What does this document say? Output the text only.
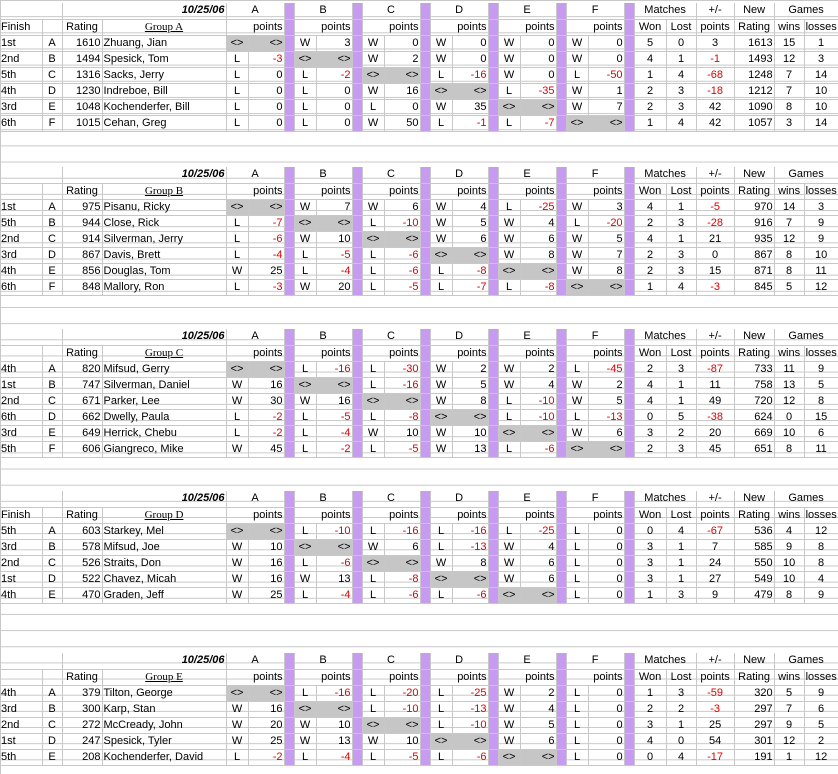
		10/25/06		A			B			C			D			E			F			Matches		+/-	New	Games	
Finish		Rating	Group A	points			points			points			points			points			points			Won	Lost	points	Rating	wins	losses
1st	A	1610	Zhuang, Jian	<>	<>		W	3		W	0		W	0		W	0		W	0		5	0	3	1613	15	1
2nd	B	1494	Spesick, Tom	L	-3		<>	<>		W	2		W	0		W	0		W	0		4	1	-1	1493	12	3
5th	C	1316	Sacks, Jerry	L	0		L	-2		<>	<>		L	-16		W	0		L	-50		1	4	-68	1248	7	14
4th	D	1230	Indreboe, Bill	L	0		L	0		W	16		<>	<>		L	-35		W	1		2	3	-18	1212	7	10
3rd	E	1048	Kochenderfer, Bill	L	0		L	0		L	0		W	35		<>	<>		W	7		2	3	42	1090	8	10
6th	F	1015	Cehan, Greg	L	0		L	0		W	50		L	-1		L	-7		<>	<>		1	4	42	1057	3	14
		10/25/06		A			B			C			D			E			F			Matches		+/-	New	Games	
		Rating	Group B	points			points			points			points			points			points			Won	Lost	points	Rating	wins	losses
1st	A	975	Pisanu, Ricky	<>	<>		W	7		W	6		W	4		L	-25		W	3		4	1	-5	970	14	3
5th	B	944	Close, Rick	L	-7		<>	<>		L	-10		W	5		W	4		L	-20		2	3	-28	916	7	9
2nd	C	914	Silverman, Jerry	L	-6		W	10		<>	<>		W	6		W	6		W	5		4	1	21	935	12	9
3rd	D	867	Davis, Brett	L	-4		L	-5		L	-6		<>	<>		W	8		W	7		2	3	0	867	8	10
4th	E	856	Douglas, Tom	W	25		L	-4		L	-6		L	-8		<>	<>		W	8		2	3	15	871	8	11
6th	F	848	Mallory, Ron	L	-3		W	20		L	-5		L	-7		L	-8		<>	<>		1	4	-3	845	5	12
		10/25/06		A			B			C			D			E			F			Matches		+/-	New	Games	
		Rating	Group C	points			points			points			points			points			points			Won	Lost	points	Rating	wins	losses
4th	A	820	Mifsud, Gerry	<>	<>		L	-16		L	-30		W	2		W	2		L	-45		2	3	-87	733	11	9
1st	B	747	Silverman, Daniel	W	16		<>	<>		L	-16		W	5		W	4		W	2		4	1	11	758	13	5
2nd	C	671	Parker, Lee	W	30		W	16		<>	<>		W	8		L	-10		W	5		4	1	49	720	12	8
6th	D	662	Dwelly, Paula	L	-2		L	-5		L	-8		<>	<>		L	-10		L	-13		0	5	-38	624	0	15
3rd	E	649	Herrick, Chebu	L	-2		L	-4		W	10		W	10		<>	<>		W	6		3	2	20	669	10	6
5th	F	606	Giangreco, Mike	W	45		L	-2		L	-5		W	13		L	-6		<>	<>		2	3	45	651	8	11
		10/25/06		A			B			C			D			E			F			Matches		+/-	New	Games	
Finish		Rating	Group D	points			points			points			points			points			points			Won	Lost	points	Rating	wins	losses
5th	A	603	Starkey, Mel	<>	<>		L	-10		L	-16		L	-16		L	-25		L	0		0	4	-67	536	4	12
3rd	B	578	Mifsud, Joe	W	10		<>	<>		W	6		L	-13		W	4		L	0		3	1	7	585	9	8
2nd	C	526	Straits, Don	W	16		L	-6		<>	<>		W	8		W	6		L	0		3	1	24	550	10	8
1st	D	522	Chavez, Micah	W	16		W	13		L	-8		<>	<>		W	6		L	0		3	1	27	549	10	4
4th	E	470	Graden, Jeff	W	25		L	-4		L	-6		L	-6		<>	<>		L	0		1	3	9	479	8	9
		10/25/06		A			B			C			D			E			F			Matches		+/-	New	Games	
		Rating	Group E	points			points			points			points			points			points			Won	Lost	points	Rating	wins	losses
4th	A	379	Tilton, George	<>	<>		L	-16		L	-20		L	-25		W	2		L	0		1	3	-59	320	5	9
3rd	B	300	Karp, Stan	W	16		<>	<>		L	-10		L	-13		W	4		L	0		2	2	-3	297	7	6
2nd	C	272	McCready, John	W	20		W	10		<>	<>		L	-10		W	5		L	0		3	1	25	297	9	5
1st	D	247	Spesick, Tyler	W	25		W	13		W	10		<>	<>		W	6		L	0		4	0	54	301	12	2
5th	E	208	Kochenderfer, David	L	-2		L	-4		L	-5		L	-6		<>	<>		L	0		0	4	-17	191	1	12
